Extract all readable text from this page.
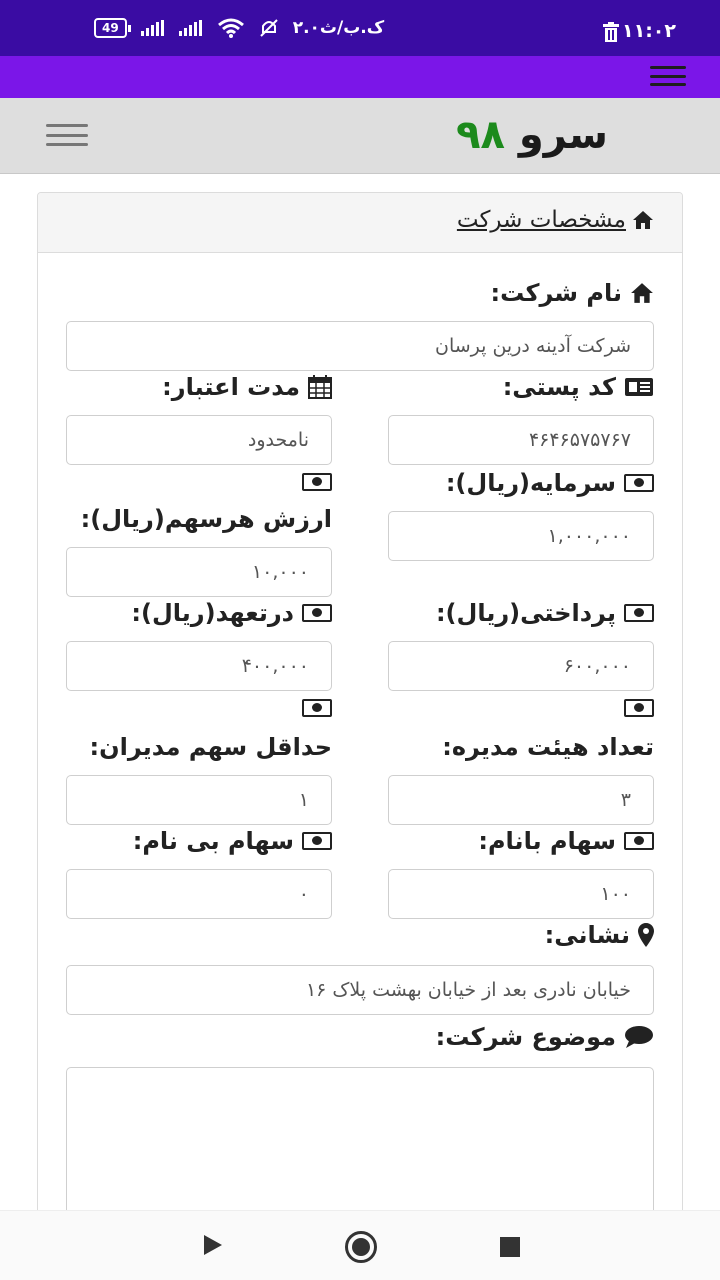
49	۲.۰ک.ب/ث	۱۱:۰۲
سرو ۹۸
مشخصات شرکت
نام شرکت:
شرکت آدینه درین پرسان
کد پستی:
مدت اعتبار:
۴۶۴۶۵۷۵۷۶۷
نامحدود
سرمایه(ریال):
ارزش هرسهم(ریال):
۱,۰۰۰,۰۰۰
۱۰,۰۰۰
پرداختی(ریال):
درتعهد(ریال):
۶۰۰,۰۰۰
۴۰۰,۰۰۰
تعداد هیئت مدیره:
حداقل سهم مدیران:
۳
۱
سهام بانام:
سهام بی نام:
۱۰۰
۰
نشانی:
خیابان نادری بعد از خیابان بهشت پلاک ۱۶
موضوع شرکت:
